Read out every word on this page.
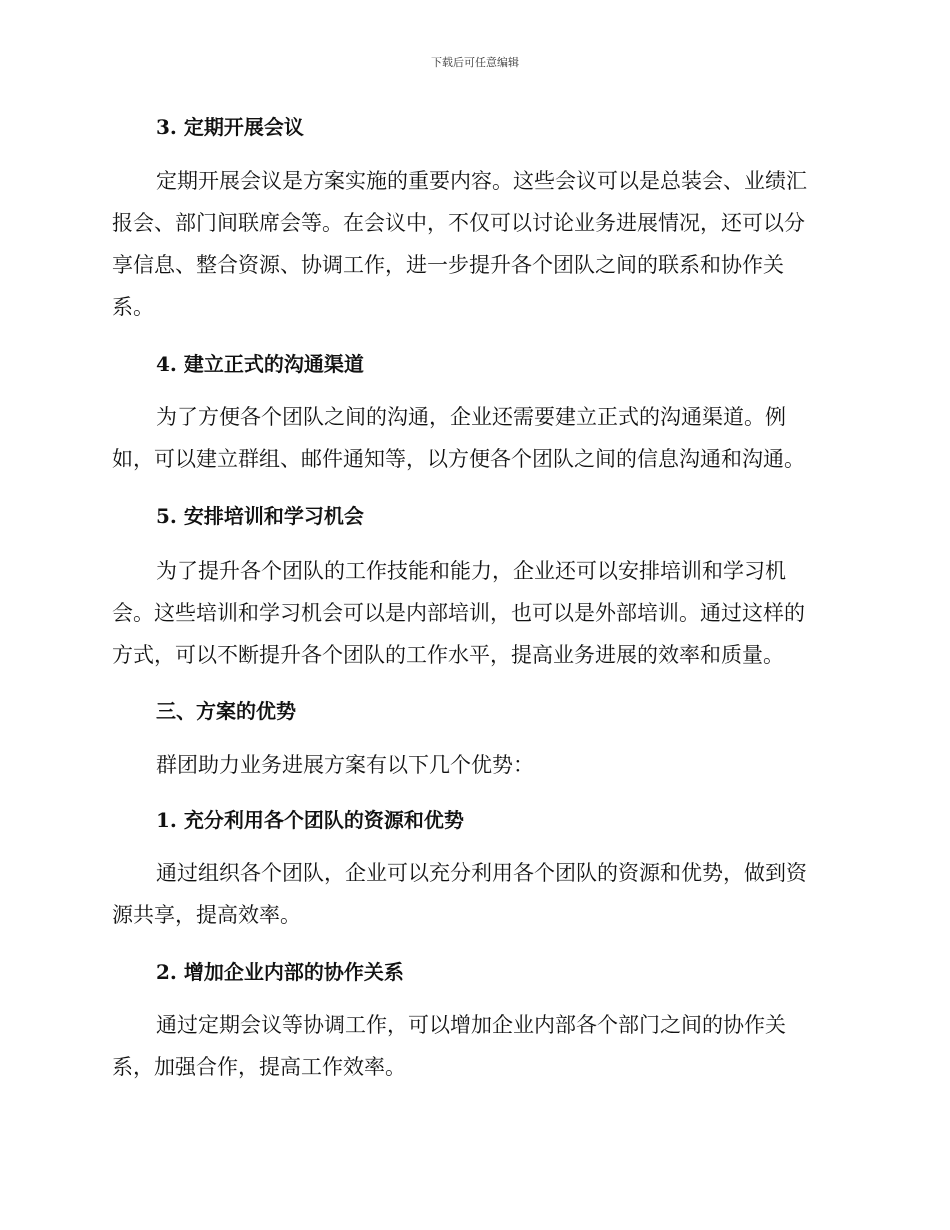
下载后可任意编辑
3. 定期开展会议
定期开展会议是方案实施的重要内容。这些会议可以是总装会、业绩汇
报会、部门间联席会等。在会议中，不仅可以讨论业务进展情况，还可以分
享信息、整合资源、协调工作，进一步提升各个团队之间的联系和协作关
系。
4. 建立正式的沟通渠道
为了方便各个团队之间的沟通，企业还需要建立正式的沟通渠道。例
如，可以建立群组、邮件通知等，以方便各个团队之间的信息沟通和沟通。
5. 安排培训和学习机会
为了提升各个团队的工作技能和能力，企业还可以安排培训和学习机
会。这些培训和学习机会可以是内部培训，也可以是外部培训。通过这样的
方式，可以不断提升各个团队的工作水平，提高业务进展的效率和质量。
三、方案的优势
群团助力业务进展方案有以下几个优势：
1. 充分利用各个团队的资源和优势
通过组织各个团队，企业可以充分利用各个团队的资源和优势，做到资
源共享，提高效率。
2. 增加企业内部的协作关系
通过定期会议等协调工作，可以增加企业内部各个部门之间的协作关
系，加强合作，提高工作效率。
